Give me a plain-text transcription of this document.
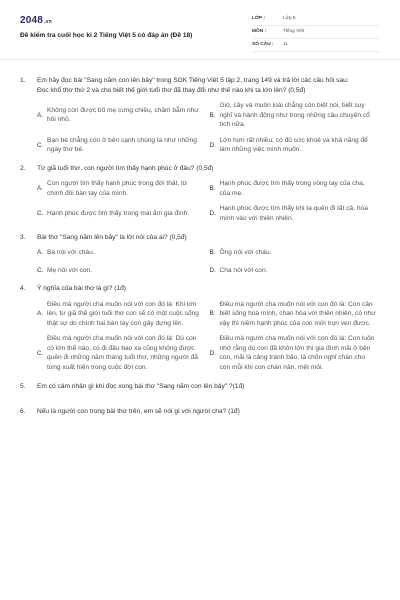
2048.vn
Đề kiểm tra cuối học kì 2 Tiếng Việt 5 có đáp án (Đề 18)
LỚP :	Lớp 5
MÔN :	Tiếng Việt
SỐ CÂU :	11
1.	Em hãy đọc bài "Sang năm con lên bảy" trong SGK Tiếng Việt 5 tập 2, trang 149 và trả lời các câu hỏi sau:
Đọc khổ thơ thứ 2 và cho biết thế giới tuổi thơ đã thay đổi như thế nào khi ta lớn lên? (0,5đ)
A.
Không còn được bố mẹ cưng chiều, chăm bẵm như hồi nhỏ.
B.
Gió, cây và muôn loài chẳng còn biết nói, biết suy nghĩ và hành động như trong những câu chuyện cổ tích nữa.
C.
Bạn bè chẳng còn ở bên cạnh chúng ta như những ngày thơ bé.
D.
Lớn hơn rất nhiều, có đủ sức khoẻ và khả năng để làm những việc mình muốn.
2.	Từ giã tuổi thơ, con người tìm thấy hạnh phúc ở đâu? (0,5đ)
A.
Con người tìm thấy hạnh phúc trong đời thật, từ chính đôi bàn tay của mình.
B.
Hạnh phúc được tìm thấy trong vòng tay của cha, của mẹ.
C. Hạnh phúc được tìm thấy trong mái ấm gia đình.	D.
Hạnh phúc được tìm thấy khi ta quên đi tất cả, hòa mình vào với thiên nhiên.
3.	Bài thơ "Sang năm lên bảy" là lời nói của ai? (0,5đ)
A. Bà nói với cháu.	B. Ông nói với cháu.
C. Mẹ nói với con.	D. Cha nói với con.
4.	Ý nghĩa của bài thơ là gì? (1đ)
A.
Điều mà người cha muốn nói với con đó là: Khi lớn lên, từ giã thế giới tuổi thơ con sẽ có một cuộc sống thật sự do chính hai bàn tay con gây dựng lên.
B.
Điều mà người cha muốn nói với con đó là: Con cần biết sống hoà mình, chan hòa với thiên nhiên, có như vậy thì niềm hạnh phúc của con mới trọn vẹn được.
C.
Điều mà người cha muốn nói với con đó là: Dù con có lớn thế nào, có đi đâu bao xa cũng không được quên đi những năm tháng tuổi thơ, những người đã từng xuất hiện trong cuộc đời con.
D.
Điều mà người cha muốn nói với con đó là: Con luôn nhớ rằng dù con đã khôn lớn thì gia đình mãi ở bên con, mãi là cảng tránh bão, là chốn nghỉ chân cho con mỗi khi con chán nản, mệt mỏi.
5.	Em có cảm nhận gì khi đọc xong bài thơ "Sang năm con lên bảy" ?(1đ)
6.	Nếu là người con trong bài thơ trên, em sẽ nói gì với người cha? (1đ)
